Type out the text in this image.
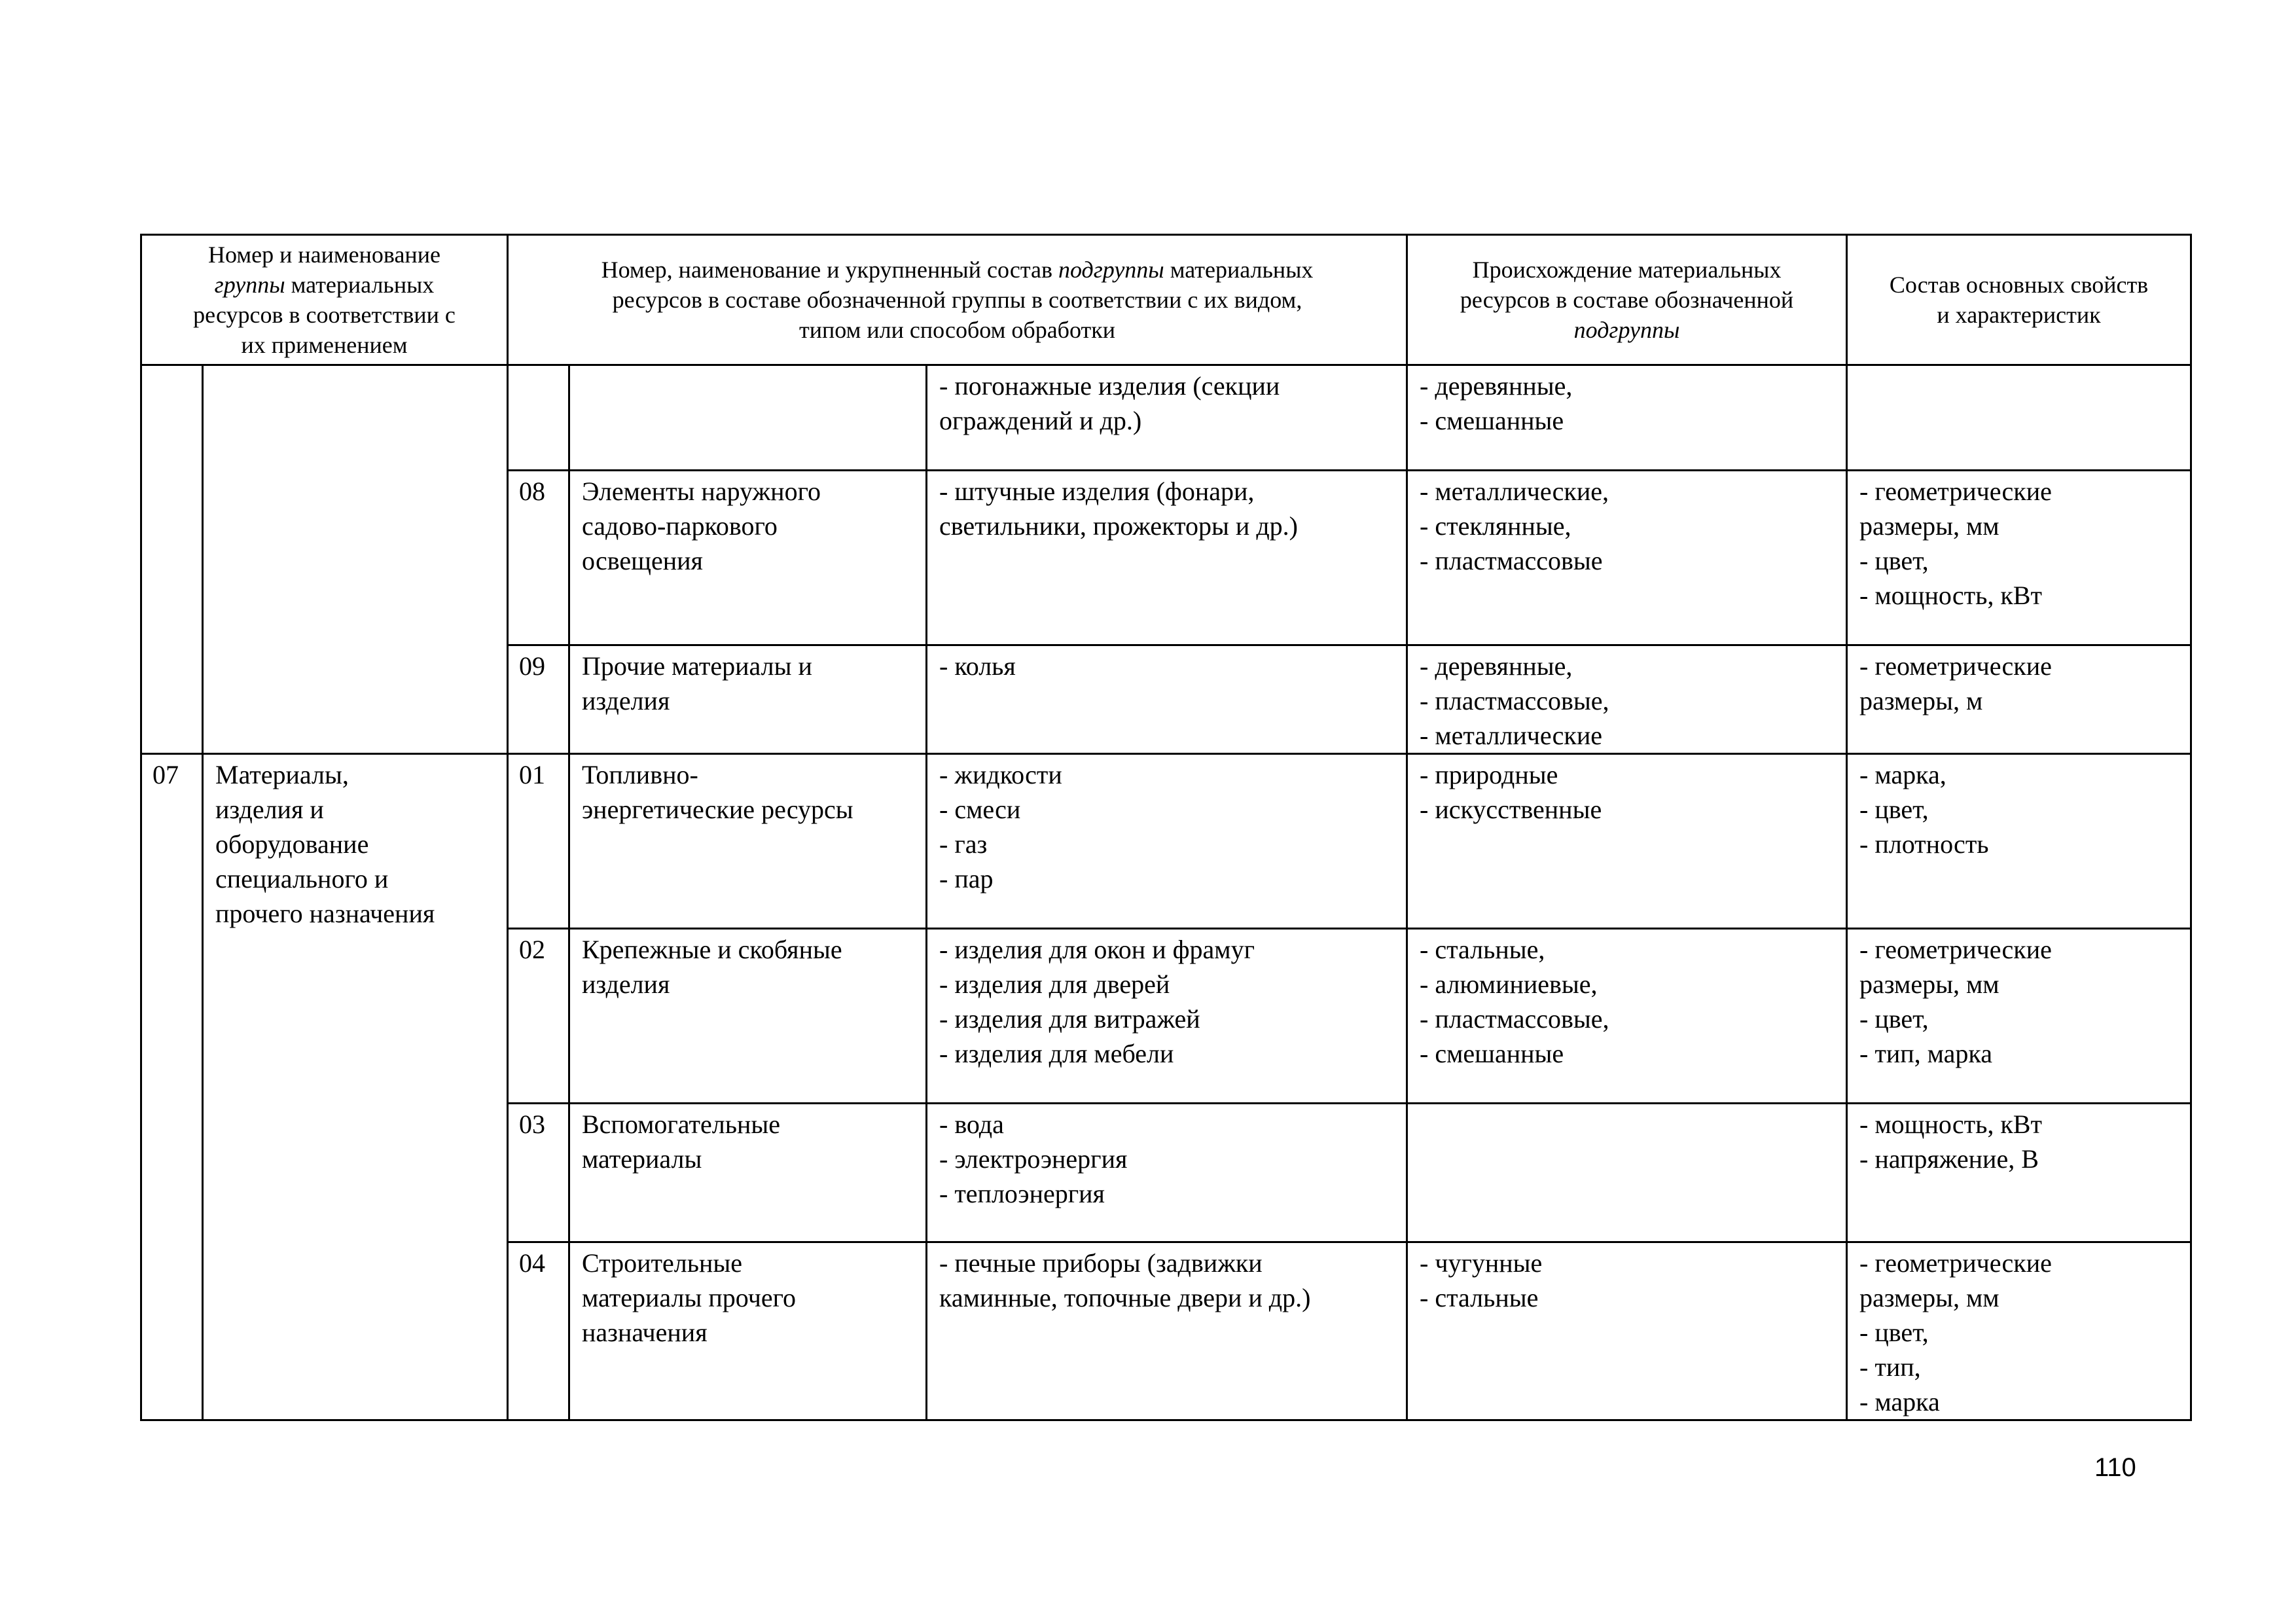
Номер и наименование
группы материальных
ресурсов в соответствии с
их применением		Номер, наименование и укрупненный состав подгруппы материальных
ресурсов в составе обозначенной группы в соответствии с их видом,
типом или способом обработки			Происхождение материальных
ресурсов в составе обозначенной
подгруппы	Состав основных свойств
и характеристик

				- погонажные изделия (секции
ограждений и др.)	- деревянные,
- смешанные	

		08	Элементы наружного
садово-паркового
освещения	- штучные изделия (фонари,
светильники, прожекторы и др.)	- металлические,
- стеклянные,
- пластмассовые	- геометрические
размеры, мм
- цвет,
- мощность, кВт

		09	Прочие материалы и
изделия	- колья	- деревянные,
- пластмассовые,
- металлические	- геометрические
размеры, м

07	Материалы,
изделия и
оборудование
специального и
прочего назначения	01	Топливно-
энергетические ресурсы	- жидкости
- смеси
- газ
- пар	- природные
- искусственные	- марка,
- цвет,
- плотность

		02	Крепежные и скобяные
изделия	- изделия для окон и фрамуг
- изделия для дверей
- изделия для витражей
- изделия для мебели	- стальные,
- алюминиевые,
- пластмассовые,
- смешанные	- геометрические
размеры, мм
- цвет,
- тип, марка

		03	Вспомогательные
материалы	- вода
- электроэнергия
- теплоэнергия		- мощность, кВт
- напряжение, В

		04	Строительные
материалы прочего
назначения	- печные приборы (задвижки
каминные, топочные двери и др.)	- чугунные
- стальные	- геометрические
размеры, мм
- цвет,
- тип,
- марка
110
